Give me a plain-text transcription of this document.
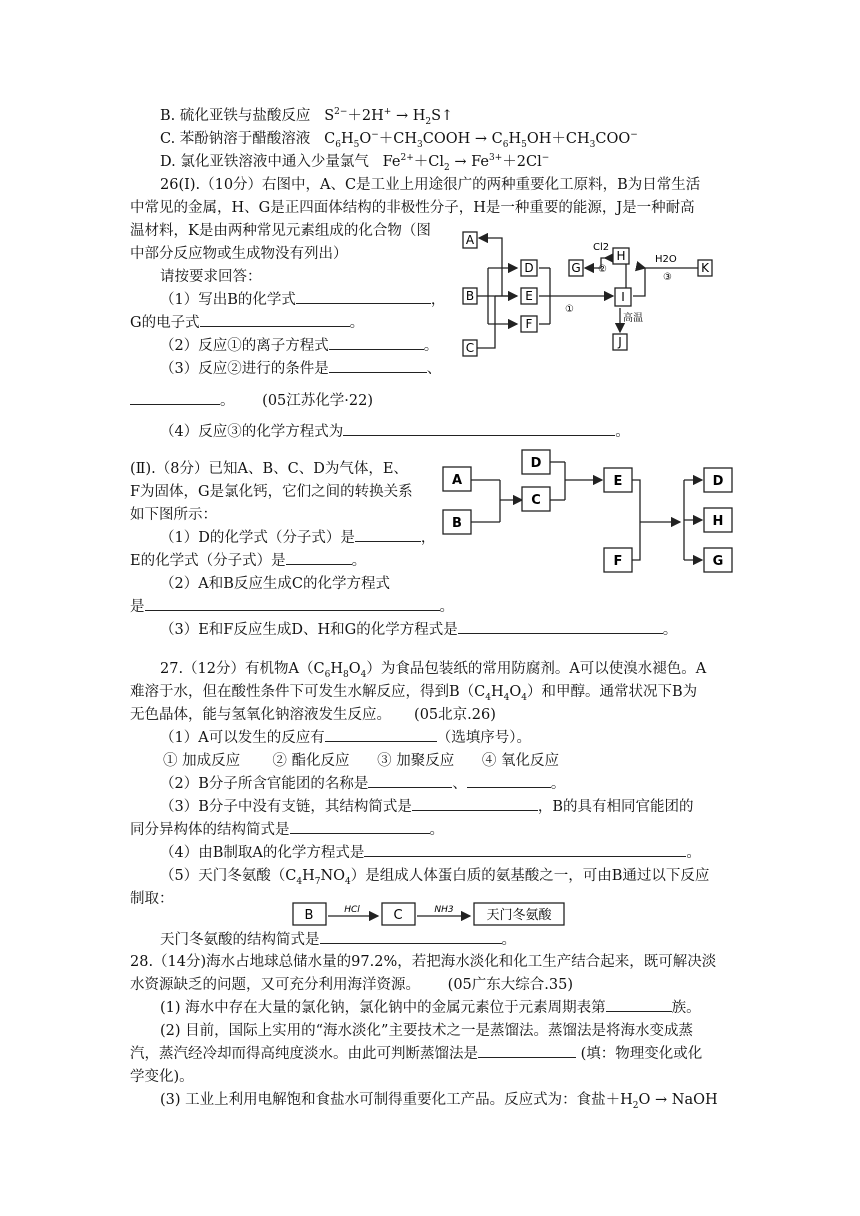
B. 硫化亚铁与盐酸反应 $S^{2-}+2H^+$ → $H_2S↑$
C. 苯酚钠溶于醋酸溶液 $C_6H_5O^-+CH_3COOH \to C_6H_5OH+CH_3COO^-$
D. 氯化亚铁溶液中通入少量氯气 $Fe^{2+}+Cl_2 \to Fe^{3+}+2Cl^-$
26(Ⅰ).（10分）右图中，A、C是工业上用途很广的两种重要化工原料，B为日常生活
中常见的金属，H、G是正四面体结构的非极性分子，H是一种重要的能源，J是一种耐高
温材料，K是由两种常见元素组成的化合物（图
中部分反应物或生成物没有列出）
请按要求回答：
（1）写出B的化学式	，
G的电子式	。
（2）反应①的离子方程式	。
（3）反应②进行的条件是	、
。 (05江苏化学·22)
（4）反应③的化学方程式为	。
A
B
C
D
E
F
G
H
I
J
K
Cl2
②
H2O
③
①
高温
(Ⅱ).（8分）已知A、B、C、D为气体，E、
F为固体，G是氯化钙，它们之间的转换关系
如下图所示：
（1）D的化学式（分子式）是	，
E的化学式（分子式）是	。
（2）A和B反应生成C的化学方程式
是	。
（3）E和F反应生成D、H和G的化学方程式是	。
A
B
C
D
E
F
D
H
G
27.（12分）有机物$A(C_6H_8O_4)$为食品包装纸的常用防腐剂。A可以使溴水褪色。A
难溶于水，但在酸性条件下可发生水解反应，得到$B(C_4H_4O_4)$和甲醇。通常状况下B为
无色晶体，能与氢氧化钠溶液发生反应。 (05北京.26)
（1）A可以发生的反应有	（选填序号）。
① 加成反应 ② 酯化反应 ③ 加聚反应 ④ 氧化反应
（2）B分子所含官能团的名称是	、	。
（3）B分子中没有支链，其结构简式是	，B的具有相同官能团的
同分异构体的结构简式是	。
（4）由B制取A的化学方程式是	。
（5）天门冬氨酸$(C_4H_7NO_4)$是组成人体蛋白质的氨基酸之一，可由B通过以下反应
制取：
B	HCl	C	NH3	天门冬氨酸
天门冬氨酸的结构简式是	。
28.（14分)海水占地球总储水量的97.2%，若把海水淡化和化工生产结合起来，既可解决淡
水资源缺乏的问题，又可充分利用海洋资源。 (05广东大综合.35)
(1) 海水中存在大量的氯化钠，氯化钠中的金属元素位于元素周期表第	族。
(2) 目前，国际上实用的“海水淡化”主要技术之一是蒸馏法。蒸馏法是将海水变成蒸
汽，蒸汽经冷却而得高纯度淡水。由此可判断蒸馏法是	(填：物理变化或化
学变化)。
(3) 工业上利用电解饱和食盐水可制得重要化工产品。反应式为：食盐$+H_2O$ → NaOH
